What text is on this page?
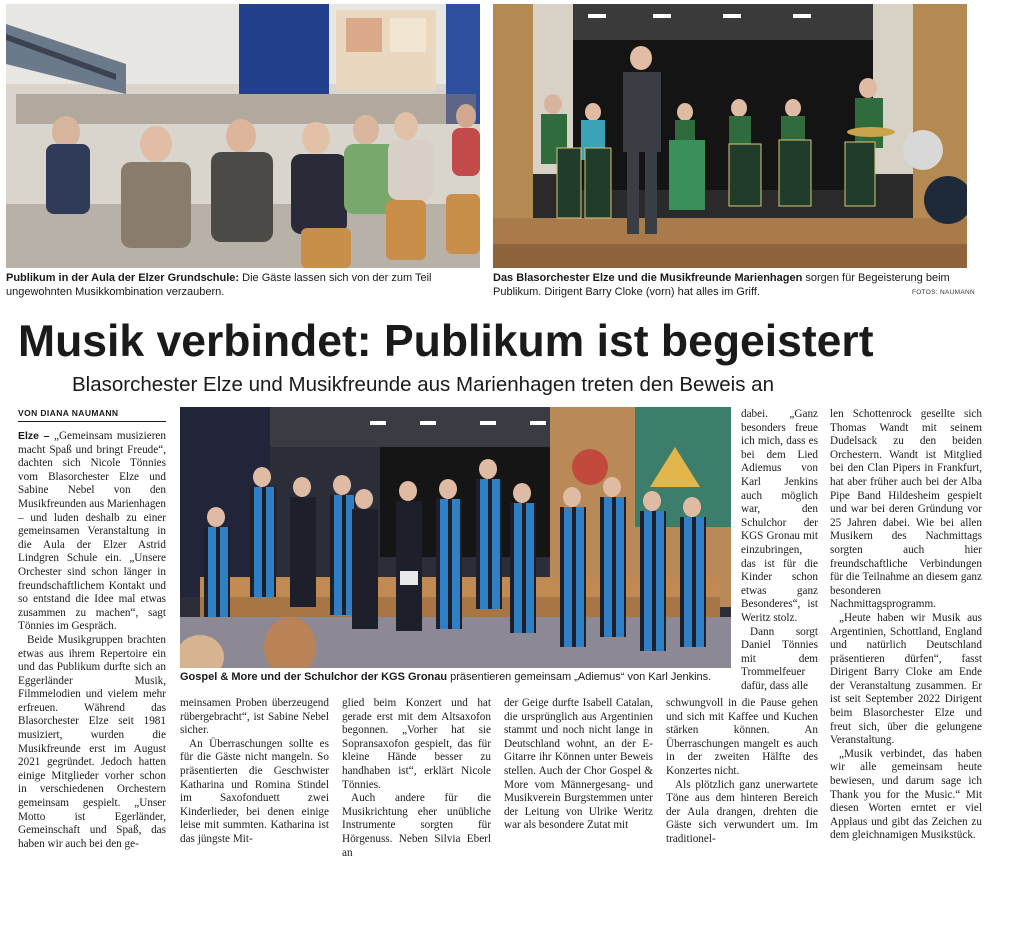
Publikum in der Aula der Elzer Grundschule: Die Gäste lassen sich von der zum Teil ungewohnten Musikkombination verzaubern.
Das Blasorchester Elze und die Musikfreunde Marienhagen sorgen für Begeisterung beim Publikum. Dirigent Barry Cloke (vorn) hat alles im Griff.	FOTOS: NAUMANN
Musik verbindet: Publikum ist begeistert
Blasorchester Elze und Musikfreunde aus Marienhagen treten den Beweis an
VON DIANA NAUMANN

Elze – „Gemeinsam musizieren macht Spaß und bringt Freude“, dachten sich Nicole Tönnies vom Blasorchester Elze und Sabine Nebel von den Musikfreunden aus Marienhagen – und luden deshalb zu einer gemeinsamen Veranstaltung in die Aula der Elzer Astrid Lindgren Schule ein. „Unsere Orchester sind schon länger in freundschaftlichem Kontakt und so entstand die Idee mal etwas zusammen zu machen“, sagt Tönnies im Gespräch.

Beide Musikgruppen brachten etwas aus ihrem Repertoire ein und das Publikum durfte sich an Eggerländer Musik, Filmmelodien und vielem mehr erfreuen. Während das Blasorchester Elze seit 1981 musiziert, wurden die Musikfreunde erst im August 2021 gegründet. Jedoch hatten einige Mitglieder vorher schon in verschiedenen Orchestern gemeinsam gespielt. „Unser Motto ist Egerländer, Gemeinschaft und Spaß, das haben wir auch bei den ge-

Gospel & More und der Schulchor der KGS Gronau präsentieren gemeinsam „Adiemus“ von Karl Jenkins.

meinsamen Proben überzeugend rübergebracht“, ist Sabine Nebel sicher.

An Überraschungen sollte es für die Gäste nicht mangeln. So präsentierten die Geschwister Katharina und Romina Stindel im Saxofonduett zwei Kinderlieder, bei denen einige leise mit summten. Katharina ist das jüngste Mit-

glied beim Konzert und hat gerade erst mit dem Altsaxofon begonnen. „Vorher hat sie Sopransaxofon gespielt, das für kleine Hände besser zu handhaben ist“, erklärt Nicole Tönnies.

Auch andere für die Musikrichtung eher unübliche Instrumente sorgten für Hörgenuss. Neben Silvia Eberl an

der Geige durfte Isabell Catalan, die ursprünglich aus Argentinien stammt und noch nicht lange in Deutschland wohnt, an der E-Gitarre ihr Können unter Beweis stellen. Auch der Chor Gospel & More vom Männergesang- und Musikverein Burgstemmen unter der Leitung von Ulrike Weritz war als besondere Zutat mit

dabei. „Ganz besonders freue ich mich, dass es bei dem Lied Adiemus von Karl Jenkins auch möglich war, den Schulchor der KGS Gronau mit einzubringen, das ist für die Kinder schon etwas ganz Besonderes“, ist Weritz stolz.

Dann sorgt Daniel Tönnies mit dem Trommelfeuer dafür, dass alle

schwungvoll in die Pause gehen und sich mit Kaffee und Kuchen stärken können. An Überraschungen mangelt es auch in der zweiten Hälfte des Konzertes nicht.

Als plötzlich ganz unerwartete Töne aus dem hinteren Bereich der Aula drangen, drehten die Gäste sich verwundert um. Im traditionel-

len Schottenrock gesellte sich Thomas Wandt mit seinem Dudelsack zu den beiden Orchestern. Wandt ist Mitglied bei den Clan Pipers in Frankfurt, hat aber früher auch bei der Alba Pipe Band Hildesheim gespielt und war bei deren Gründung vor 25 Jahren dabei. Wie bei allen Musikern des Nachmittags sorgten auch hier freundschaftliche Verbindungen für die Teilnahme an diesem ganz besonderen Nachmittagsprogramm.

„Heute haben wir Musik aus Argentinien, Schottland, England und natürlich Deutschland präsentieren dürfen“, fasst Dirigent Barry Cloke am Ende der Veranstaltung zusammen. Er ist seit September 2022 Dirigent beim Blasorchester Elze und freut sich, über die gelungene Veranstaltung.

„Musik verbindet, das haben wir alle gemeinsam heute bewiesen, und darum sage ich Thank you for the Music.“ Mit diesen Worten erntet er viel Applaus und gibt das Zeichen zu dem gleichnamigen Musikstück.
